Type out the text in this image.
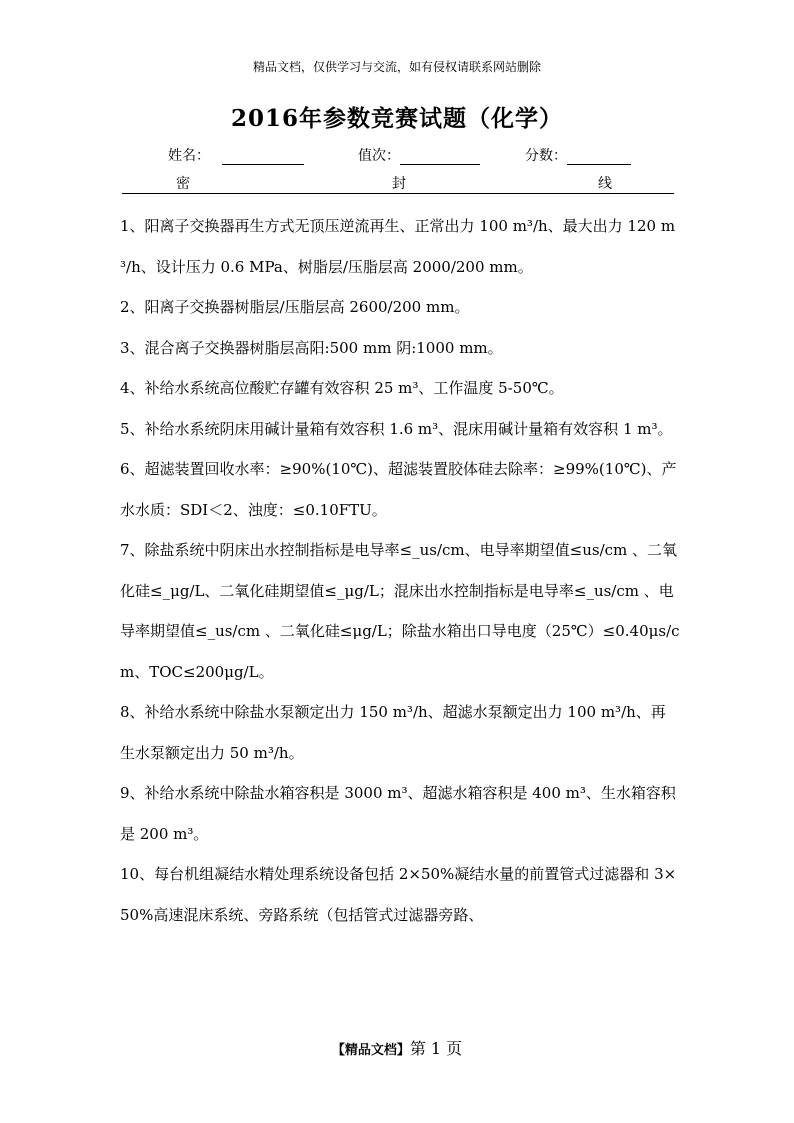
精品文档，仅供学习与交流，如有侵权请联系网站删除
2016年参数竞赛试题（化学）
姓名：	值次：	分数：
密	封	线

1、阳离子交换器再生方式无顶压逆流再生、正常出力 100 m³/h、最大出力 120 m³/h、设计压力 0.6 MPa、树脂层/压脂层高 2000/200 mm。

2、阳离子交换器树脂层/压脂层高 2600/200 mm。

3、混合离子交换器树脂层高阳:500 mm 阴:1000 mm。

4、补给水系统高位酸贮存罐有效容积 25 m³、工作温度 5-50℃。

5、补给水系统阴床用碱计量箱有效容积 1.6 m³、混床用碱计量箱有效容积 1 m³。

6、超滤装置回收水率：≥90%(10℃)、超滤装置胶体硅去除率：≥99%(10℃)、产水水质：SDI＜2、浊度：≤0.10FTU。

7、除盐系统中阴床出水控制指标是电导率≤_us/cm、电导率期望值≤us/cm 、二氧化硅≤_μg/L、二氧化硅期望值≤_μg/L；混床出水控制指标是电导率≤_us/cm 、电导率期望值≤_us/cm 、二氧化硅≤μg/L；除盐水箱出口导电度（25℃）≤0.40μs/cm、TOC≤200μg/L。

8、补给水系统中除盐水泵额定出力 150 m³/h、超滤水泵额定出力 100 m³/h、再生水泵额定出力 50 m³/h。

9、补给水系统中除盐水箱容积是 3000 m³、超滤水箱容积是 400 m³、生水箱容积是 200 m³。

10、每台机组凝结水精处理系统设备包括 2×50%凝结水量的前置管式过滤器和 3×50%高速混床系统、旁路系统（包括管式过滤器旁路、

【精品文档】第 1 页
